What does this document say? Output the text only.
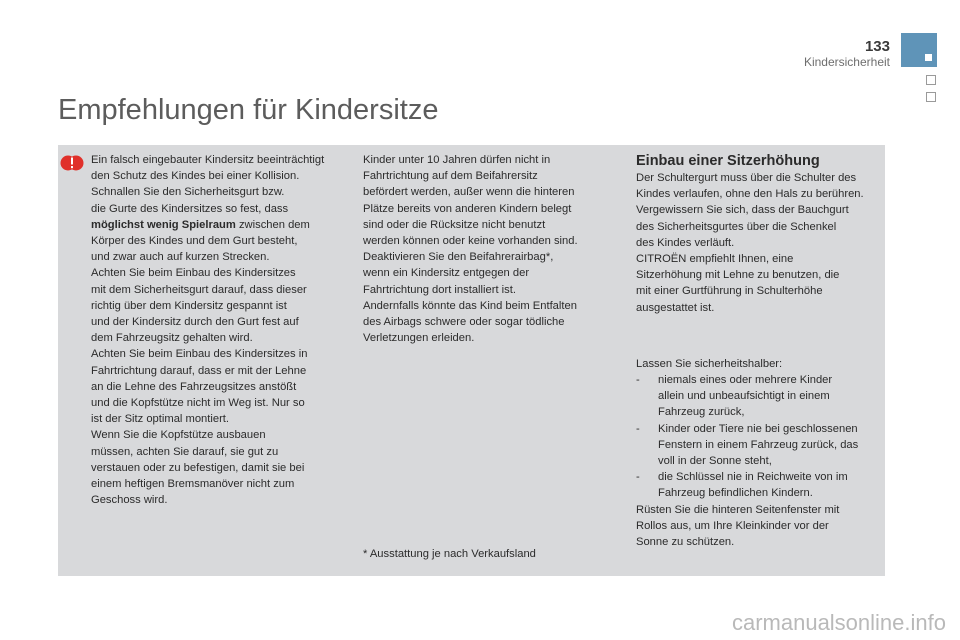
133
Kindersicherheit
Empfehlungen für Kindersitze

Ein falsch eingebauter Kindersitz beeinträchtigt

den Schutz des Kindes bei einer Kollision.

Schnallen Sie den Sicherheitsgurt bzw.

die Gurte des Kindersitzes so fest, dass

möglichst wenig Spielraum zwischen dem

Körper des Kindes und dem Gurt besteht,

und zwar auch auf kurzen Strecken.

Achten Sie beim Einbau des Kindersitzes

mit dem Sicherheitsgurt darauf, dass dieser

richtig über dem Kindersitz gespannt ist

und der Kindersitz durch den Gurt fest auf

dem Fahrzeugsitz gehalten wird.

Achten Sie beim Einbau des Kindersitzes in

Fahrtrichtung darauf, dass er mit der Lehne

an die Lehne des Fahrzeugsitzes anstößt

und die Kopfstütze nicht im Weg ist. Nur so

ist der Sitz optimal montiert.

Wenn Sie die Kopfstütze ausbauen

müssen, achten Sie darauf, sie gut zu

verstauen oder zu befestigen, damit sie bei

einem heftigen Bremsmanöver nicht zum

Geschoss wird.

Kinder unter 10 Jahren dürfen nicht in

Fahrtrichtung auf dem Beifahrersitz

befördert werden, außer wenn die hinteren

Plätze bereits von anderen Kindern belegt

sind oder die Rücksitze nicht benutzt

werden können oder keine vorhanden sind.

Deaktivieren Sie den Beifahrerairbag*,

wenn ein Kindersitz entgegen der

Fahrtrichtung dort installiert ist.

Andernfalls könnte das Kind beim Entfalten

des Airbags schwere oder sogar tödliche

Verletzungen erleiden.

* Ausstattung je nach Verkaufsland

Einbau einer Sitzerhöhung

Der Schultergurt muss über die Schulter des

Kindes verlaufen, ohne den Hals zu berühren.

Vergewissern Sie sich, dass der Bauchgurt

des Sicherheitsgurtes über die Schenkel

des Kindes verläuft.

CITROËN empfiehlt Ihnen, eine

Sitzerhöhung mit Lehne zu benutzen, die

mit einer Gurtführung in Schulterhöhe

ausgestattet ist.

Lassen Sie sicherheitshalber:

- niemals eines oder mehrere Kinder
allein und unbeaufsichtigt in einem
Fahrzeug zurück,
- Kinder oder Tiere nie bei geschlossenen
Fenstern in einem Fahrzeug zurück, das
voll in der Sonne steht,
- die Schlüssel nie in Reichweite von im
Fahrzeug befindlichen Kindern.

Rüsten Sie die hinteren Seitenfenster mit

Rollos aus, um Ihre Kleinkinder vor der

Sonne zu schützen.

carmanualsonline.info
